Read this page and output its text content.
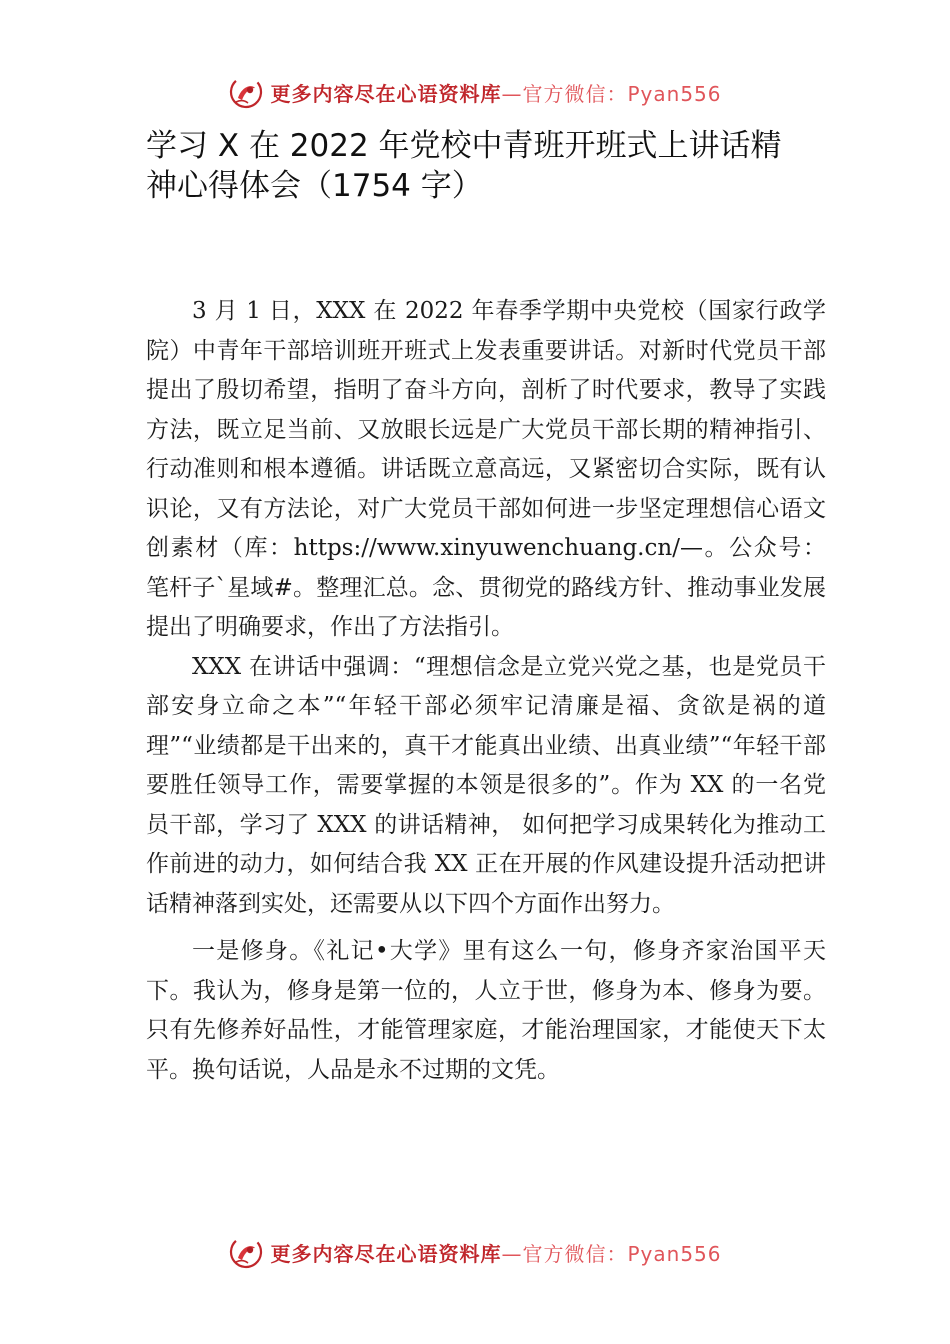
更多内容尽在心语资料库—官方微信：Pyan556
学习 X 在 2022 年党校中青班开班式上讲话精神心得体会（1754 字）

3 月 1 日，XXX 在 2022 年春季学期中央党校（国家行政学院）中青年干部培训班开班式上发表重要讲话。对新时代党员干部提出了殷切希望，指明了奋斗方向，剖析了时代要求，教导了实践方法，既立足当前、又放眼长远是广大党员干部长期的精神指引、行动准则和根本遵循。讲话既立意高远，又紧密切合实际，既有认识论，又有方法论，对广大党员干部如何进一步坚定理想信心语文创素材（库：https://www.xinyuwenchuang.cn/—。公众号：笔杆子`星域#。整理汇总。念、贯彻党的路线方针、推动事业发展提出了明确要求，作出了方法指引。

XXX 在讲话中强调：“理想信念是立党兴党之基，也是党员干部安身立命之本”“年轻干部必须牢记清廉是福、贪欲是祸的道理”“业绩都是干出来的，真干才能真出业绩、出真业绩”“年轻干部要胜任领导工作，需要掌握的本领是很多的”。作为 XX 的一名党员干部，学习了 XXX 的讲话精神， 如何把学习成果转化为推动工作前进的动力，如何结合我 XX 正在开展的作风建设提升活动把讲话精神落到实处，还需要从以下四个方面作出努力。

一是修身。《礼记•大学》里有这么一句，修身齐家治国平天下。我认为，修身是第一位的，人立于世，修身为本、修身为要。只有先修养好品性，才能管理家庭，才能治理国家，才能使天下太平。换句话说，人品是永不过期的文凭。

更多内容尽在心语资料库—官方微信：Pyan556
